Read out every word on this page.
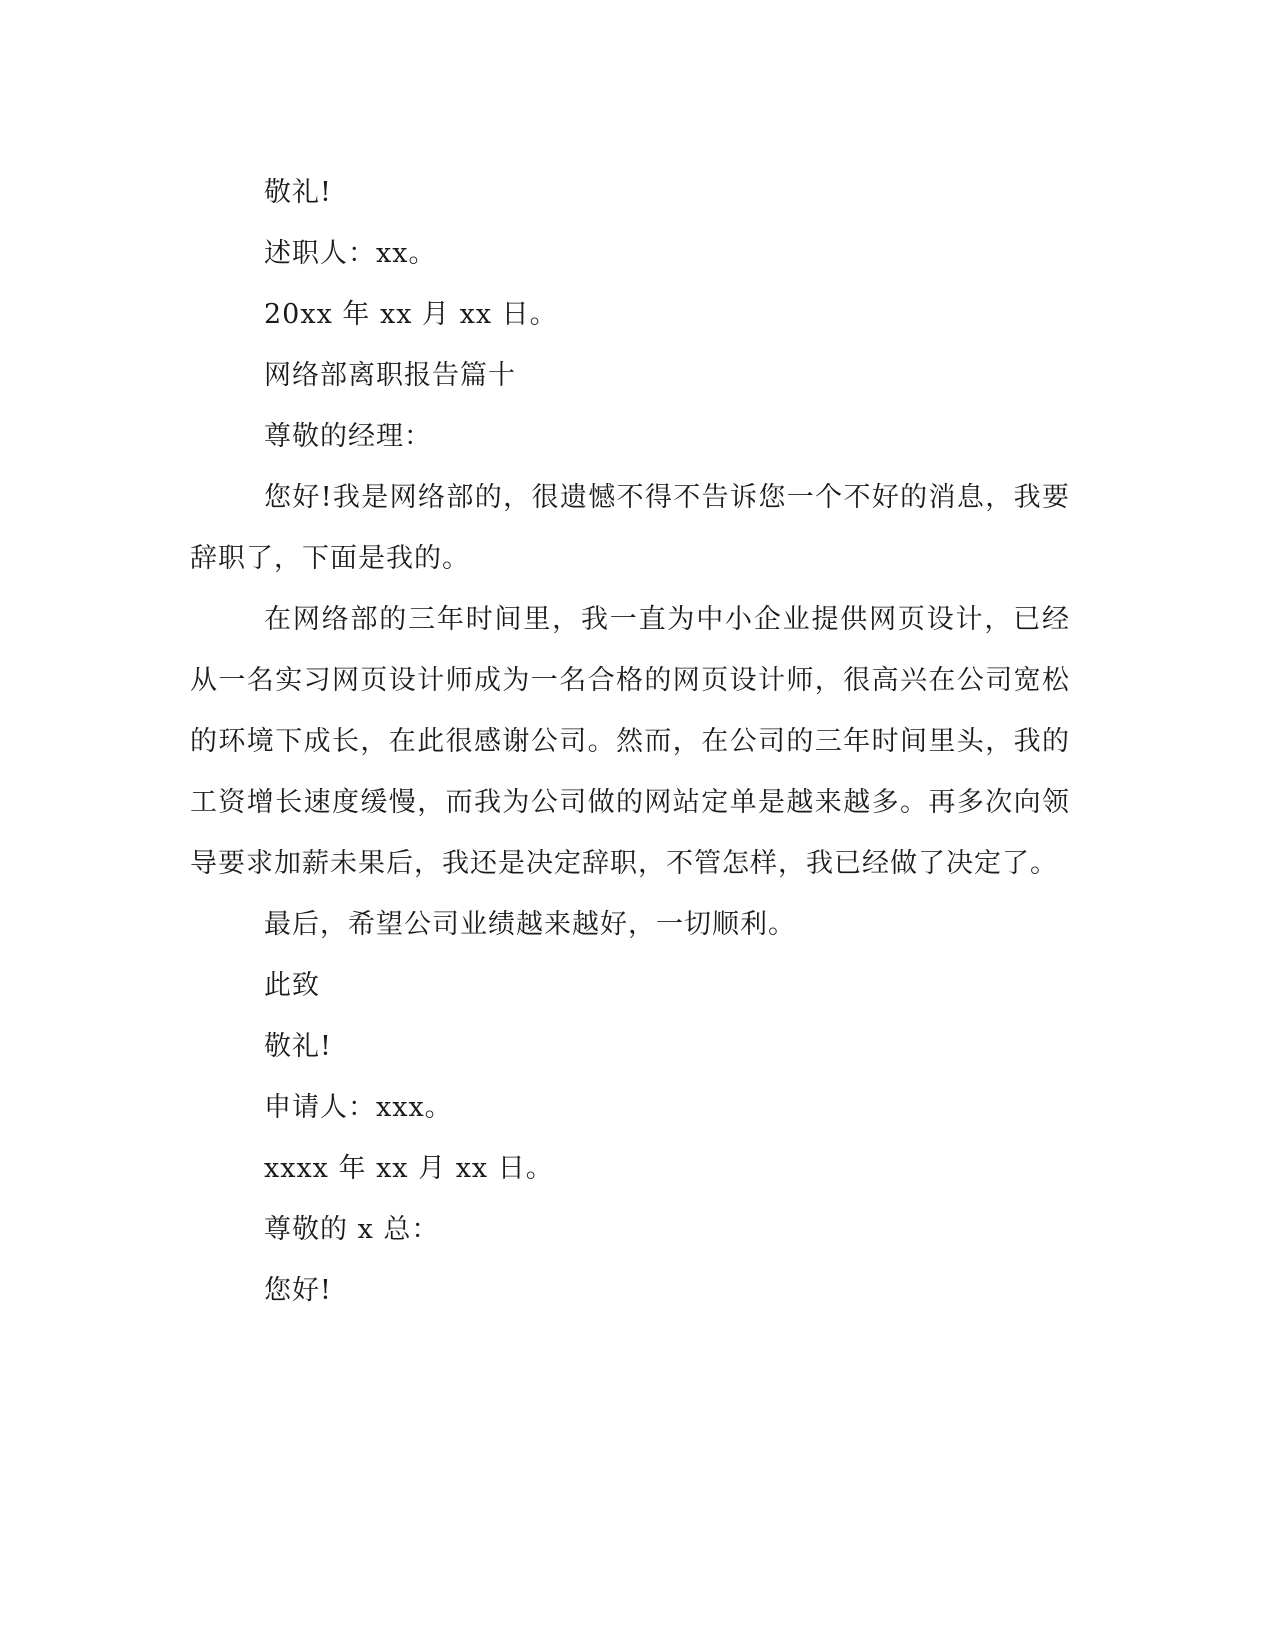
敬礼!

述职人：xx。

20xx 年 xx 月 xx 日。

网络部离职报告篇十

尊敬的经理：

您好!我是网络部的，很遗憾不得不告诉您一个不好的消息，我要辞职了，下面是我的。

在网络部的三年时间里，我一直为中小企业提供网页设计，已经从一名实习网页设计师成为一名合格的网页设计师，很高兴在公司宽松的环境下成长，在此很感谢公司。然而，在公司的三年时间里头，我的工资增长速度缓慢，而我为公司做的网站定单是越来越多。再多次向领导要求加薪未果后，我还是决定辞职，不管怎样，我已经做了决定了。

最后，希望公司业绩越来越好，一切顺利。

此致

敬礼!

申请人：xxx。

xxxx 年 xx 月 xx 日。

尊敬的 x 总：

您好!
